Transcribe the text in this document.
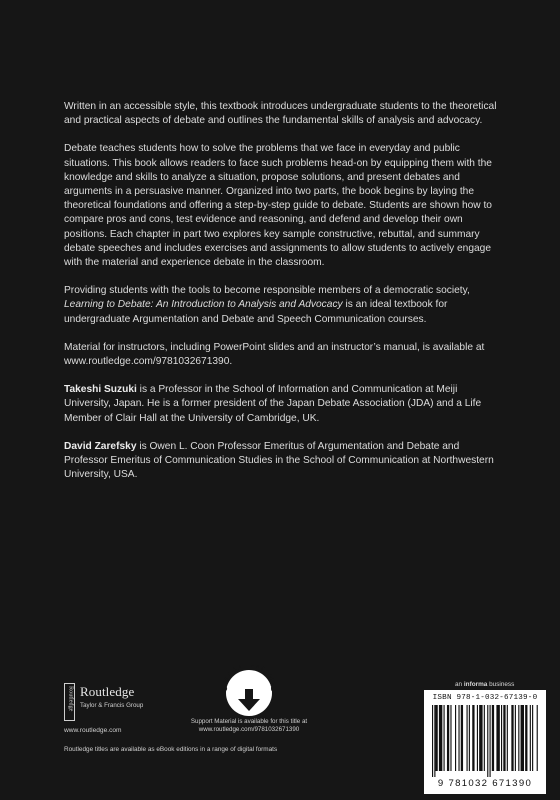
Written in an accessible style, this textbook introduces undergraduate students to the theoretical and practical aspects of debate and outlines the fundamental skills of analysis and advocacy.

Debate teaches students how to solve the problems that we face in everyday and public situations. This book allows readers to face such problems head-on by equipping them with the knowledge and skills to analyze a situation, propose solutions, and present debates and arguments in a persuasive manner. Organized into two parts, the book begins by laying the theoretical foundations and offering a step-by-step guide to debate. Students are shown how to compare pros and cons, test evidence and reasoning, and defend and develop their own positions. Each chapter in part two explores key sample constructive, rebuttal, and summary debate speeches and includes exercises and assignments to allow students to actively engage with the material and experience debate in the classroom.

Providing students with the tools to become responsible members of a democratic society, Learning to Debate: An Introduction to Analysis and Advocacy is an ideal textbook for undergraduate Argumentation and Debate and Speech Communication courses.

Material for instructors, including PowerPoint slides and an instructor’s manual, is available at www.routledge.com/9781032671390.

Takeshi Suzuki is a Professor in the School of Information and Communication at Meiji University, Japan. He is a former president of the Japan Debate Association (JDA) and a Life Member of Clair Hall at the University of Cambridge, UK.

David Zarefsky is Owen L. Coon Professor Emeritus of Argumentation and Debate and Professor Emeritus of Communication Studies in the School of Communication at Northwestern University, USA.

Routledge Routledge
Taylor & Francis Group
www.routledge.com
Routledge titles are available as eBook editions in a range of digital formats
SUPPORT MATERIAL
Support Material is available for this title at
www.routledge.com/9781032671390
an informa business
ISBN 978-1-032-67139-0
9 781032 671390
